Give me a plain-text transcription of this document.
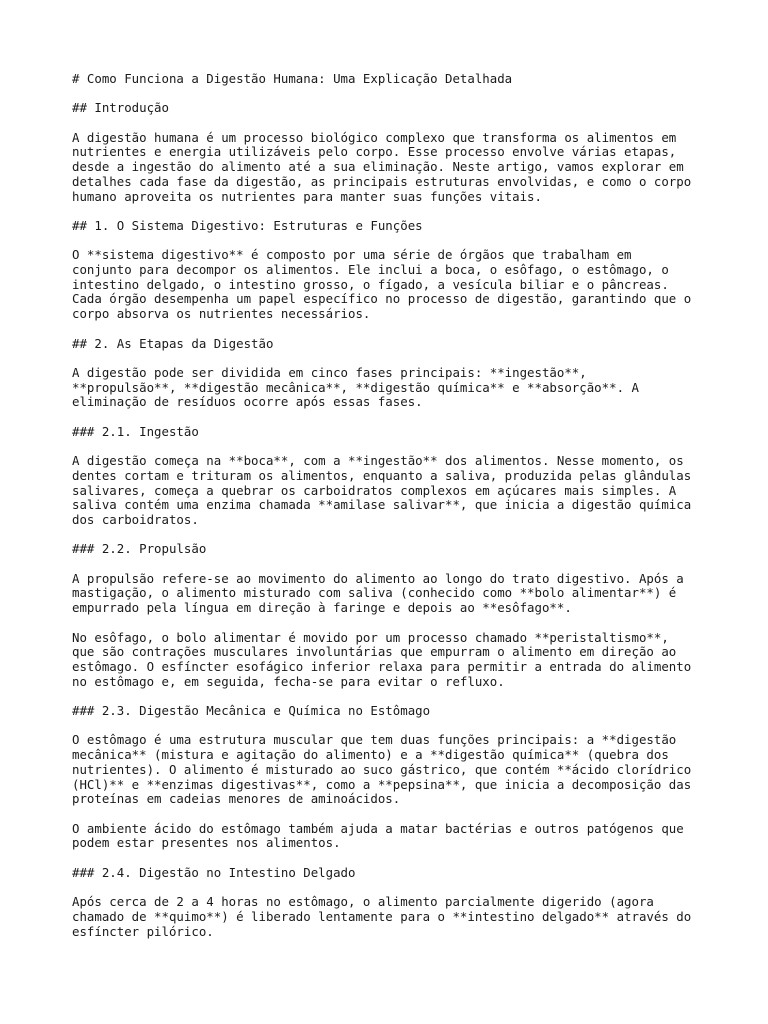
# Como Funciona a Digestão Humana: Uma Explicação Detalhada

## Introdução

A digestão humana é um processo biológico complexo que transforma os alimentos em
nutrientes e energia utilizáveis pelo corpo. Esse processo envolve várias etapas,
desde a ingestão do alimento até a sua eliminação. Neste artigo, vamos explorar em
detalhes cada fase da digestão, as principais estruturas envolvidas, e como o corpo
humano aproveita os nutrientes para manter suas funções vitais.

## 1. O Sistema Digestivo: Estruturas e Funções

O **sistema digestivo** é composto por uma série de órgãos que trabalham em
conjunto para decompor os alimentos. Ele inclui a boca, o esôfago, o estômago, o
intestino delgado, o intestino grosso, o fígado, a vesícula biliar e o pâncreas.
Cada órgão desempenha um papel específico no processo de digestão, garantindo que o
corpo absorva os nutrientes necessários.

## 2. As Etapas da Digestão

A digestão pode ser dividida em cinco fases principais: **ingestão**,
**propulsão**, **digestão mecânica**, **digestão química** e **absorção**. A
eliminação de resíduos ocorre após essas fases.

### 2.1. Ingestão

A digestão começa na **boca**, com a **ingestão** dos alimentos. Nesse momento, os
dentes cortam e trituram os alimentos, enquanto a saliva, produzida pelas glândulas
salivares, começa a quebrar os carboidratos complexos em açúcares mais simples. A
saliva contém uma enzima chamada **amilase salivar**, que inicia a digestão química
dos carboidratos.

### 2.2. Propulsão

A propulsão refere-se ao movimento do alimento ao longo do trato digestivo. Após a
mastigação, o alimento misturado com saliva (conhecido como **bolo alimentar**) é
empurrado pela língua em direção à faringe e depois ao **esôfago**.

No esôfago, o bolo alimentar é movido por um processo chamado **peristaltismo**,
que são contrações musculares involuntárias que empurram o alimento em direção ao
estômago. O esfíncter esofágico inferior relaxa para permitir a entrada do alimento
no estômago e, em seguida, fecha-se para evitar o refluxo.

### 2.3. Digestão Mecânica e Química no Estômago

O estômago é uma estrutura muscular que tem duas funções principais: a **digestão
mecânica** (mistura e agitação do alimento) e a **digestão química** (quebra dos
nutrientes). O alimento é misturado ao suco gástrico, que contém **ácido clorídrico
(HCl)** e **enzimas digestivas**, como a **pepsina**, que inicia a decomposição das
proteínas em cadeias menores de aminoácidos.

O ambiente ácido do estômago também ajuda a matar bactérias e outros patógenos que
podem estar presentes nos alimentos.

### 2.4. Digestão no Intestino Delgado

Após cerca de 2 a 4 horas no estômago, o alimento parcialmente digerido (agora
chamado de **quimo**) é liberado lentamente para o **intestino delgado** através do
esfíncter pilórico.
